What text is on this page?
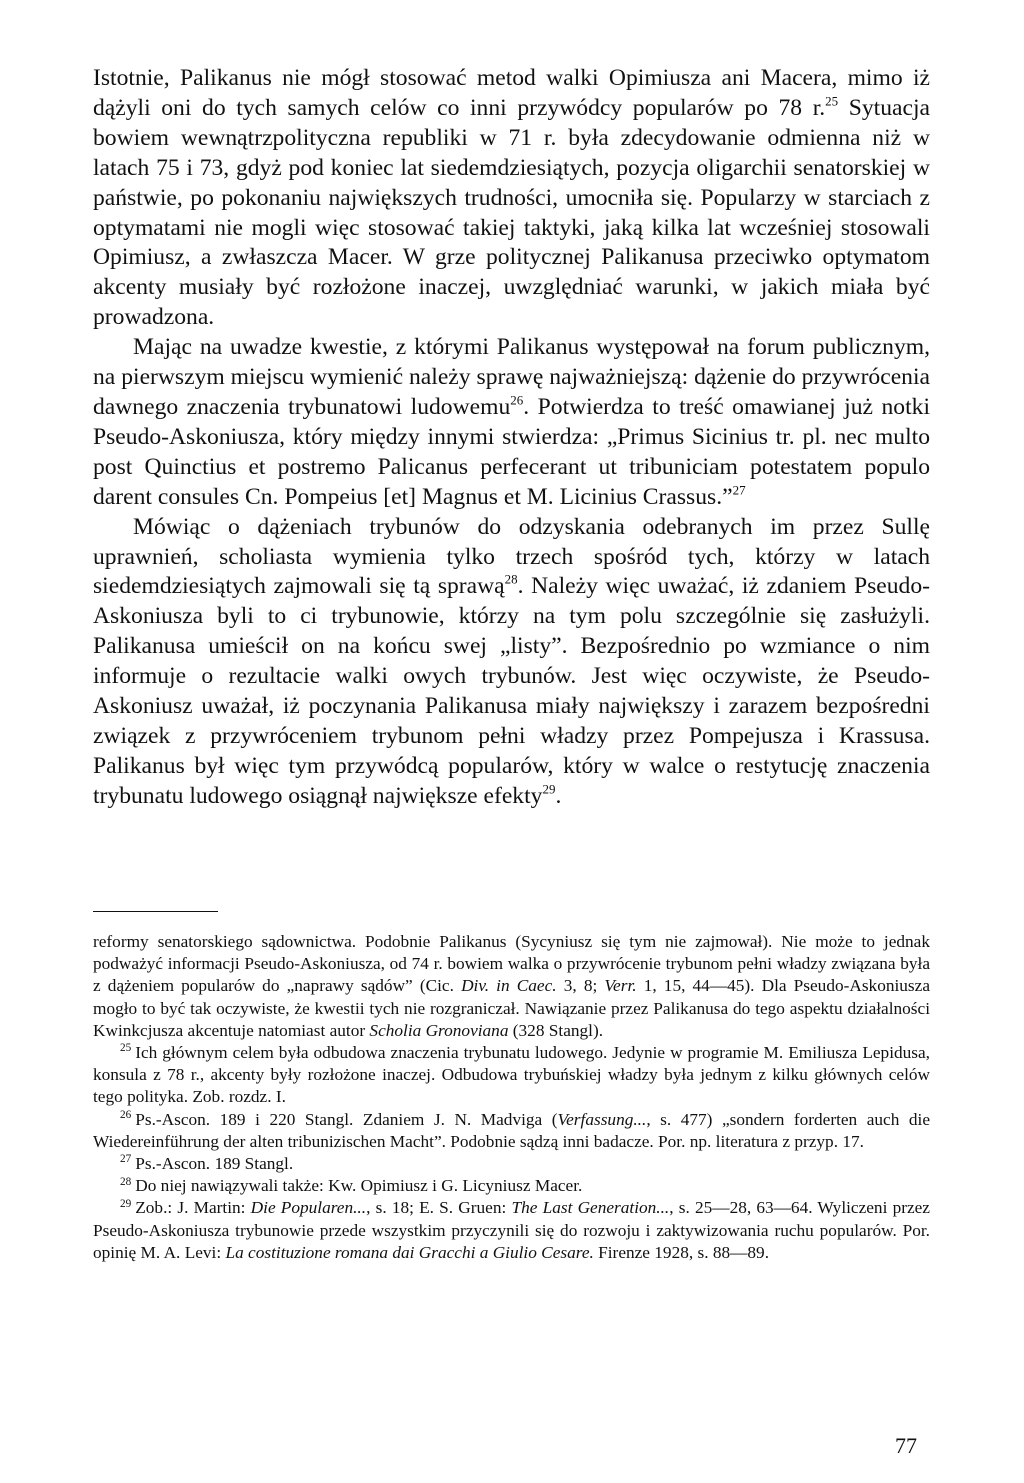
Istotnie, Palikanus nie mógł stosować metod walki Opimiusza ani Macera, mimo iż dążyli oni do tych samych celów co inni przywódcy popularów po 78 r.$^{25}$ Sytuacja bowiem wewnątrzpolityczna republiki w 71 r. była zdecydowanie odmienna niż w latach 75 i 73, gdyż pod koniec lat siedemdziesiątych, pozycja oligarchii senatorskiej w państwie, po pokonaniu największych trudności, umocniła się. Popularzy w starciach z optymatami nie mogli więc stosować takiej taktyki, jaką kilka lat wcześniej stosowali Opimiusz, a zwłaszcza Macer. W grze politycznej Palikanusa przeciwko optymatom akcenty musiały być rozłożone inaczej, uwzględniać warunki, w jakich miała być prowadzona.

Mając na uwadze kwestie, z którymi Palikanus występował na forum publicznym, na pierwszym miejscu wymienić należy sprawę najważniejszą: dążenie do przywrócenia dawnego znaczenia trybunatowi ludowemu$^{26}$. Potwierdza to treść omawianej już notki Pseudo-Askoniusza, który między innymi stwierdza: „Primus Sicinius tr. pl. nec multo post Quinctius et postremo Palicanus perfecerant ut tribuniciam potestatem populo darent consules Cn. Pompeius [et] Magnus et M. Licinius Crassus.”$^{27}$

Mówiąc o dążeniach trybunów do odzyskania odebranych im przez Sullę uprawnień, scholiasta wymienia tylko trzech spośród tych, którzy w latach siedemdziesiątych zajmowali się tą sprawą$^{28}$. Należy więc uważać, iż zdaniem Pseudo-Askoniusza byli to ci trybunowie, którzy na tym polu szczególnie się zasłużyli. Palikanusa umieścił on na końcu swej „listy”. Bezpośrednio po wzmiance o nim informuje o rezultacie walki owych trybunów. Jest więc oczywiste, że Pseudo-Askoniusz uważał, iż poczynania Palikanusa miały największy i zarazem bezpośredni związek z przywróceniem trybunom pełni władzy przez Pompejusza i Krassusa. Palikanus był więc tym przywódcą popularów, który w walce o restytucję znaczenia trybunatu ludowego osiągnął największe efekty$^{29}$.

reformy senatorskiego sądownictwa. Podobnie Palikanus (Sycyniusz się tym nie zajmował). Nie może to jednak podważyć informacji Pseudo-Askoniusza, od 74 r. bowiem walka o przywrócenie trybunom pełni władzy związana była z dążeniem popularów do „naprawy sądów” (Cic. Div. in Caec. 3, 8; Verr. 1, 15, 44—45). Dla Pseudo-Askoniusza mogło to być tak oczywiste, że kwestii tych nie rozgraniczał. Nawiązanie przez Palikanusa do tego aspektu działalności Kwinkcjusza akcentuje natomiast autor Scholia Gronoviana (328 Stangl).

$^{25}$ Ich głównym celem była odbudowa znaczenia trybunatu ludowego. Jedynie w programie M. Emiliusza Lepidusa, konsula z 78 r., akcenty były rozłożone inaczej. Odbudowa trybuńskiej władzy była jednym z kilku głównych celów tego polityka. Zob. rozdz. I.

$^{26}$ Ps.-Ascon. 189 i 220 Stangl. Zdaniem J. N. Madviga (Verfassung..., s. 477) „sondern forderten auch die Wiedereinführung der alten tribunizischen Macht”. Podobnie sądzą inni badacze. Por. np. literatura z przyp. 17.

$^{27}$ Ps.-Ascon. 189 Stangl.

$^{28}$ Do niej nawiązywali także: Kw. Opimiusz i G. Licyniusz Macer.

$^{29}$ Zob.: J. Martin: Die Popularen..., s. 18; E. S. Gruen: The Last Generation..., s. 25—28, 63—64. Wyliczeni przez Pseudo-Askoniusza trybunowie przede wszystkim przyczynili się do rozwoju i zaktywizowania ruchu popularów. Por. opinię M. A. Levi: La costituzione romana dai Gracchi a Giulio Cesare. Firenze 1928, s. 88—89.

77
